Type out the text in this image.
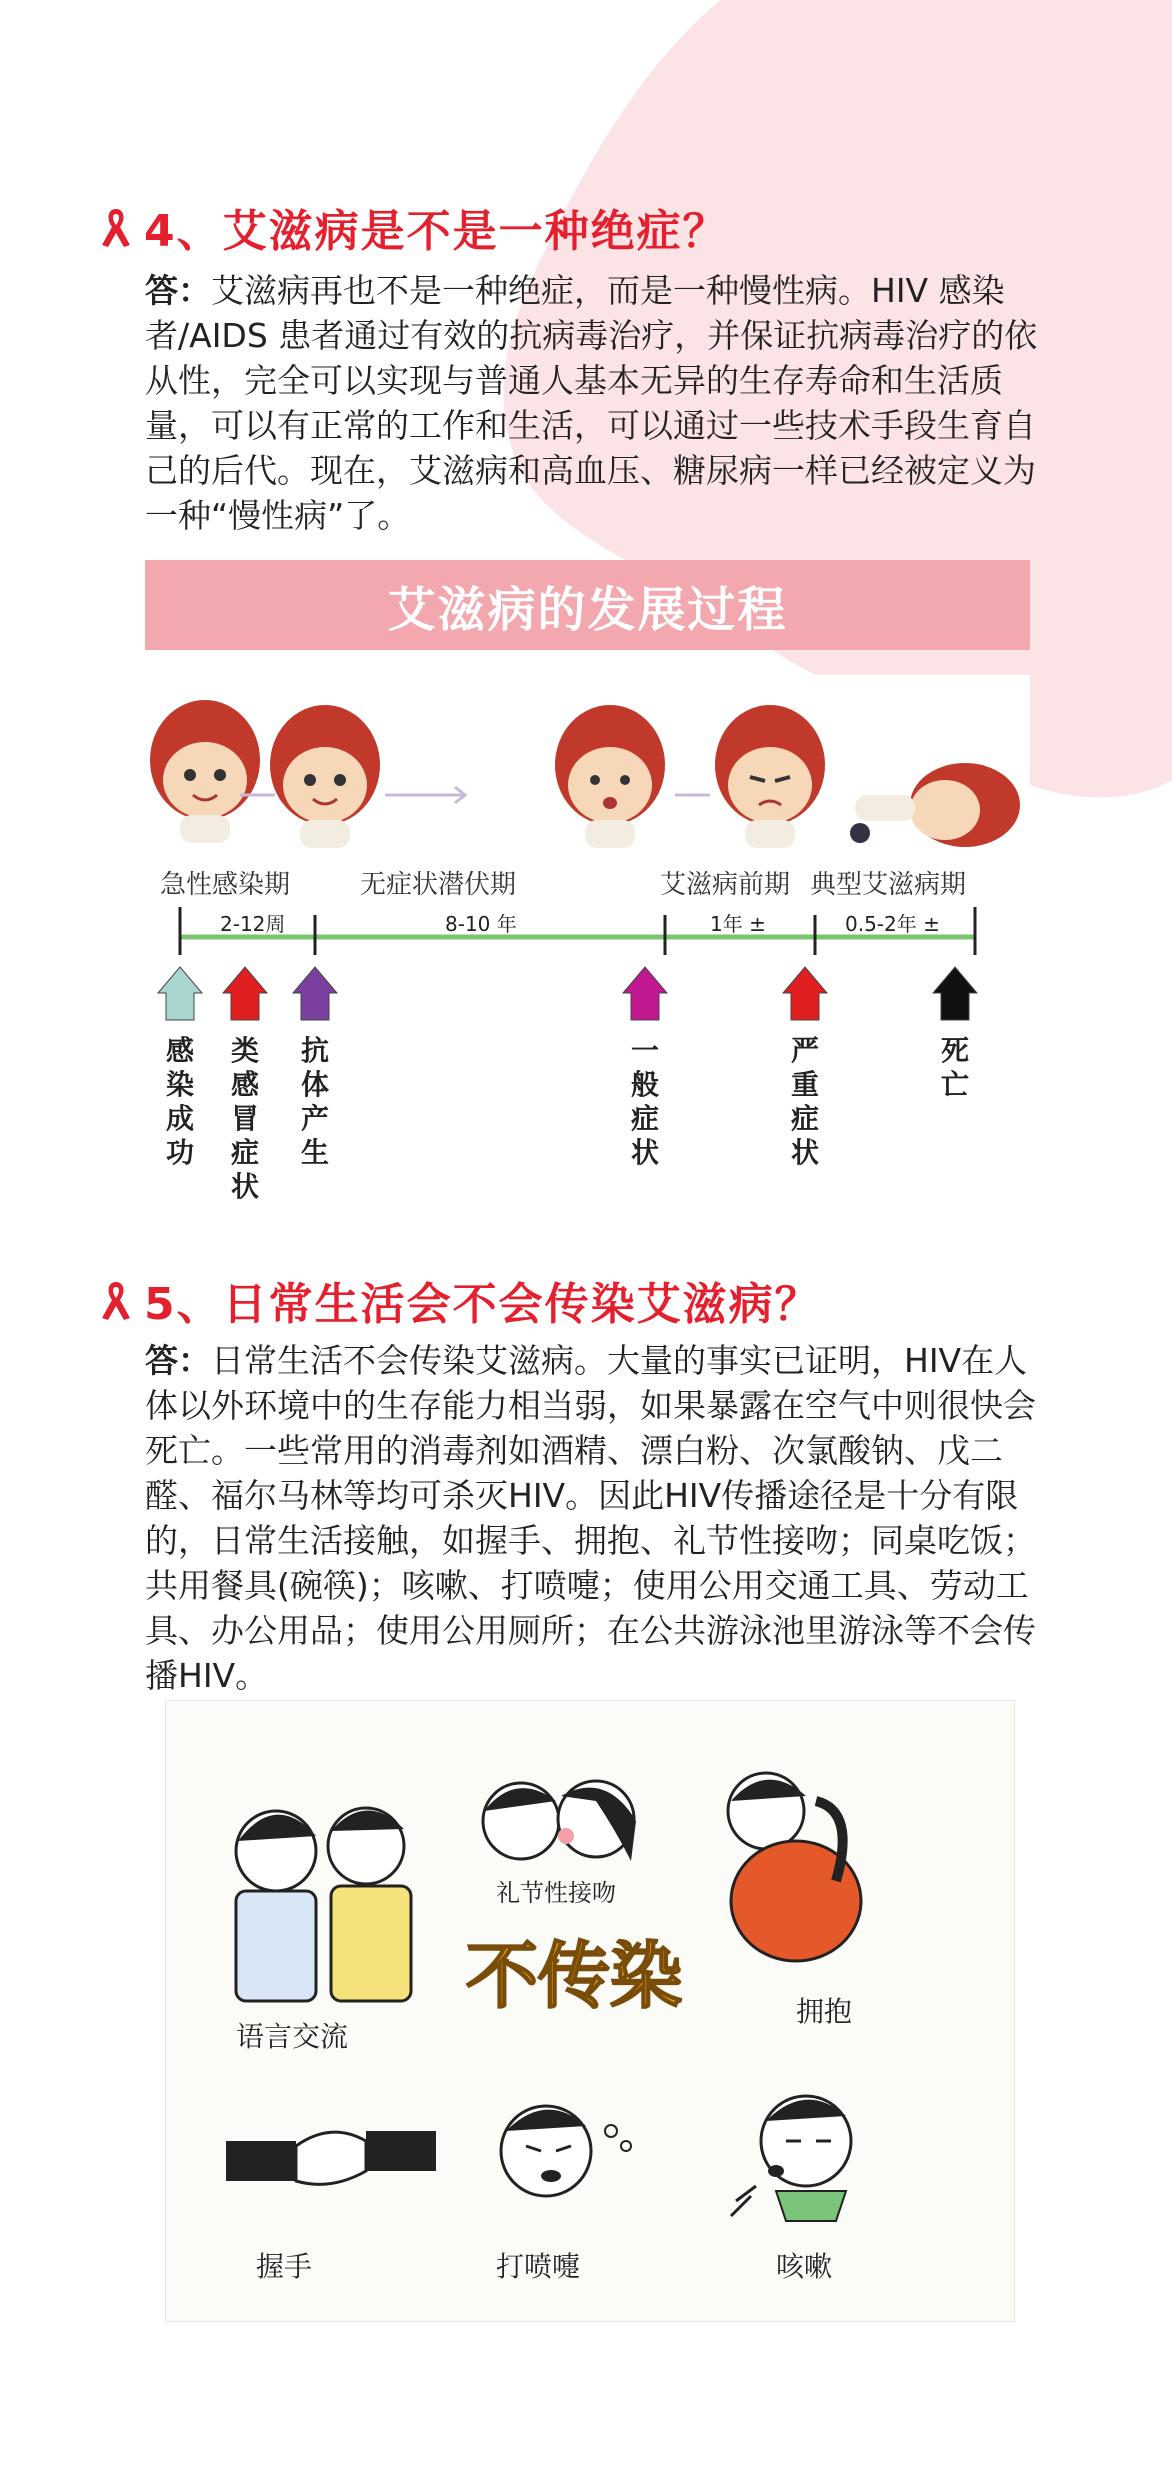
4、艾滋病是不是一种绝症？

答：艾滋病再也不是一种绝症，而是一种慢性病。HIV 感染者/AIDS 患者通过有效的抗病毒治疗，并保证抗病毒治疗的依从性，完全可以实现与普通人基本无异的生存寿命和生活质量，可以有正常的工作和生活，可以通过一些技术手段生育自己的后代。现在，艾滋病和高血压、糖尿病一样已经被定义为一种“慢性病”了。

艾滋病的发展过程
急性感染期	无症状潜伏期	艾滋病前期 典型艾滋病期
2-12周	8-10 年	1年 ±	0.5-2年 ±
感染成功
类感冒症状
抗体产生
一般症状
严重症状
死亡
5、日常生活会不会传染艾滋病？

答：日常生活不会传染艾滋病。大量的事实已证明，HIV在人体以外环境中的生存能力相当弱，如果暴露在空气中则很快会死亡。一些常用的消毒剂如酒精、漂白粉、次氯酸钠、戊二醛、福尔马林等均可杀灭HIV。因此HIV传播途径是十分有限的，日常生活接触，如握手、拥抱、礼节性接吻；同桌吃饭；共用餐具(碗筷)；咳嗽、打喷嚏；使用公用交通工具、劳动工具、办公用品；使用公用厕所；在公共游泳池里游泳等不会传播HIV。

语言交流
礼节性接吻
拥抱
不传染
握手	打喷嚏	咳嗽
